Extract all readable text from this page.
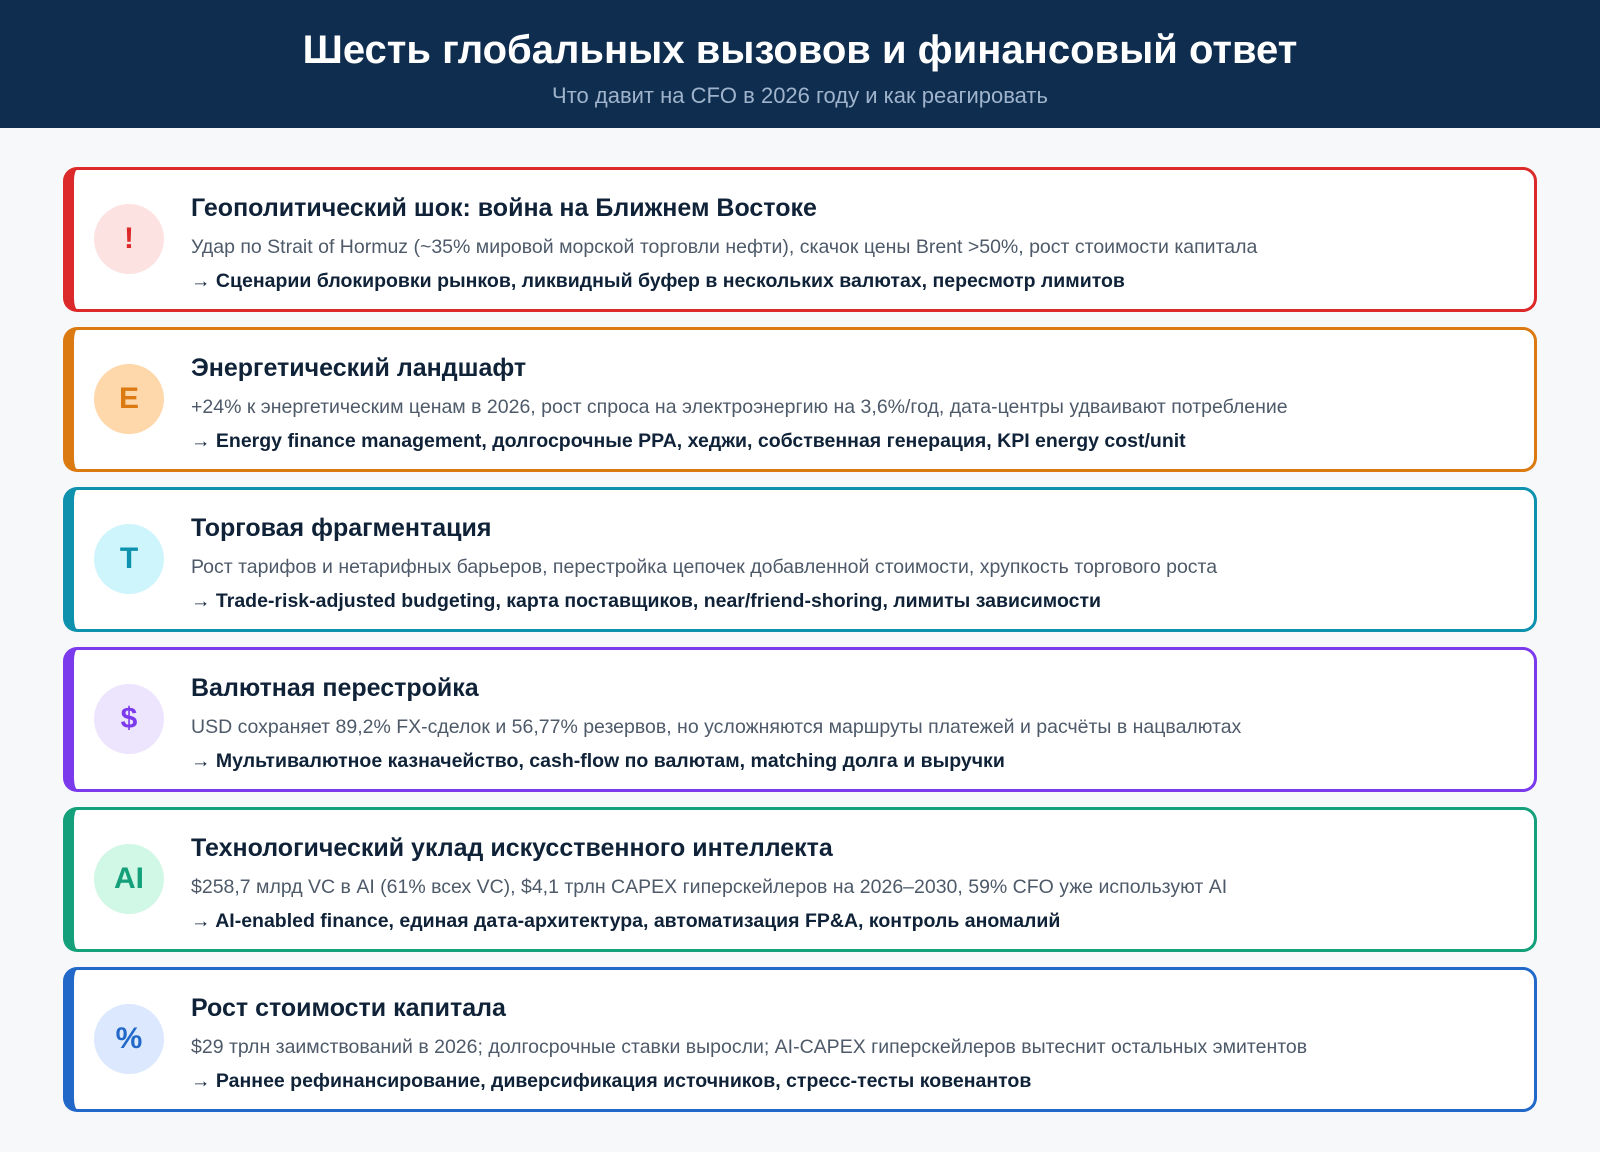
Шесть глобальных вызовов и финансовый ответ
Что давит на CFO в 2026 году и как реагировать
!
Геополитический шок: война на Ближнем Востоке
Удар по Strait of Hormuz (~35% мировой морской торговли нефти), скачок цены Brent >50%, рост стоимости капитала
→ Сценарии блокировки рынков, ликвидный буфер в нескольких валютах, пересмотр лимитов
E
Энергетический ландшафт
+24% к энергетическим ценам в 2026, рост спроса на электроэнергию на 3,6%/год, дата-центры удваивают потребление
→ Energy finance management, долгосрочные PPA, хеджи, собственная генерация, KPI energy cost/unit
T
Торговая фрагментация
Рост тарифов и нетарифных барьеров, перестройка цепочек добавленной стоимости, хрупкость торгового роста
→ Trade-risk-adjusted budgeting, карта поставщиков, near/friend-shoring, лимиты зависимости
$
Валютная перестройка
USD сохраняет 89,2% FX-сделок и 56,77% резервов, но усложняются маршруты платежей и расчёты в нацвалютах
→ Мультивалютное казначейство, cash-flow по валютам, matching долга и выручки
AI
Технологический уклад искусственного интеллекта
$258,7 млрд VC в AI (61% всех VC), $4,1 трлн CAPEX гиперскейлеров на 2026–2030, 59% CFO уже используют AI
→ AI-enabled finance, единая дата-архитектура, автоматизация FP&A, контроль аномалий
%
Рост стоимости капитала
$29 трлн заимствований в 2026; долгосрочные ставки выросли; AI-CAPEX гиперскейлеров вытеснит остальных эмитентов
→ Раннее рефинансирование, диверсификация источников, стресс-тесты ковенантов
